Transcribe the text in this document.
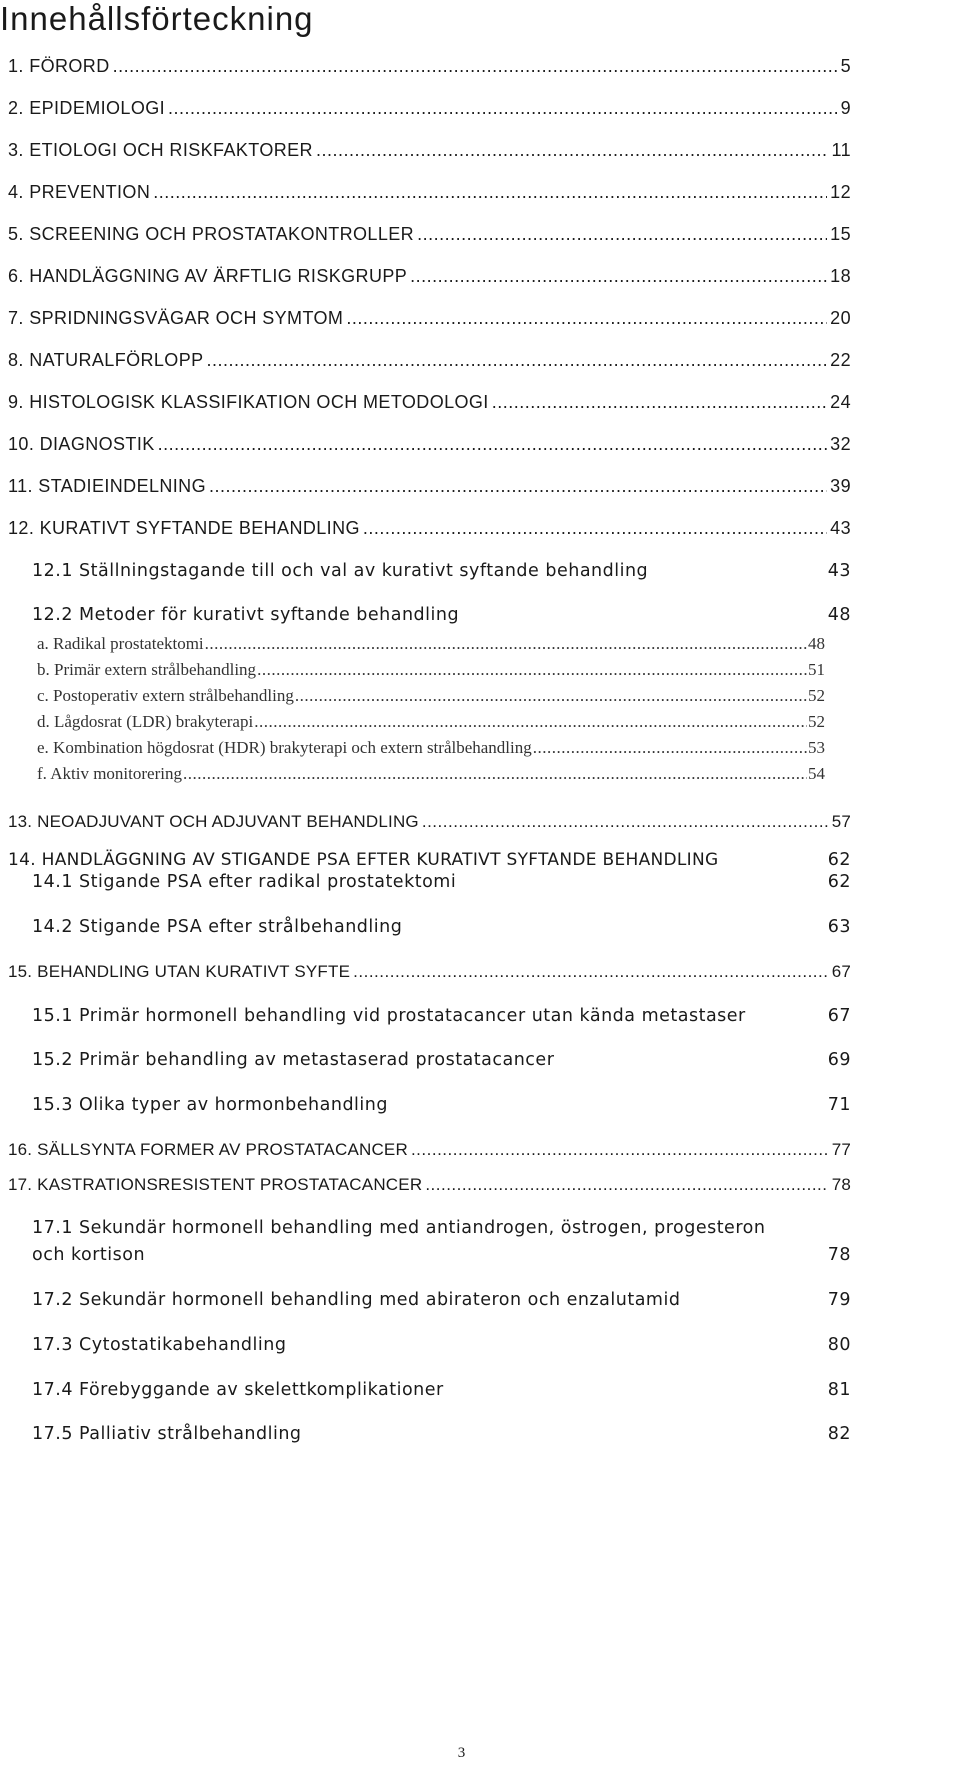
Innehållsförteckning
1. FÖRORD .....	5
2. EPIDEMIOLOGI .....	9
3. ETIOLOGI OCH RISKFAKTORER .....	11
4. PREVENTION .....	12
5. SCREENING OCH PROSTATAKONTROLLER .....	15
6. HANDLÄGGNING AV ÄRFTLIG RISKGRUPP .....	18
7. SPRIDNINGSVÄGAR OCH SYMTOM .....	20
8. NATURALFÖRLOPP .....	22
9. HISTOLOGISK KLASSIFIKATION OCH METODOLOGI .....	24
10. DIAGNOSTIK .....	32
11. STADIEINDELNING .....	39
12. KURATIVT SYFTANDE BEHANDLING .....	43
12.1 Ställningstagande till och val av kurativt syftande behandling	43
12.2 Metoder för kurativt syftande behandling	48
a. Radikal prostatektomi .....	48
b. Primär extern strålbehandling .....	51
c. Postoperativ extern strålbehandling .....	52
d. Lågdosrat (LDR) brakyterapi .....	52
e. Kombination högdosrat (HDR) brakyterapi och extern strålbehandling .....	53
f. Aktiv monitorering .....	54
13. NEOADJUVANT OCH ADJUVANT BEHANDLING .....	57
14. HANDLÄGGNING AV STIGANDE PSA EFTER KURATIVT SYFTANDE BEHANDLING	62
14.1 Stigande PSA efter radikal prostatektomi	62
14.2 Stigande PSA efter strålbehandling	63
15. BEHANDLING UTAN KURATIVT SYFTE .....	67
15.1 Primär hormonell behandling vid prostatacancer utan kända metastaser	67
15.2 Primär behandling av metastaserad prostatacancer	69
15.3 Olika typer av hormonbehandling	71
16. SÄLLSYNTA FORMER AV PROSTATACANCER .....	77
17. KASTRATIONSRESISTENT PROSTATACANCER .....	78
17.1 Sekundär hormonell behandling med antiandrogen, östrogen, progesteron
och kortison	78
17.2 Sekundär hormonell behandling med abirateron och enzalutamid	79
17.3 Cytostatikabehandling	80
17.4 Förebyggande av skelettkomplikationer	81
17.5 Palliativ strålbehandling	82
3
